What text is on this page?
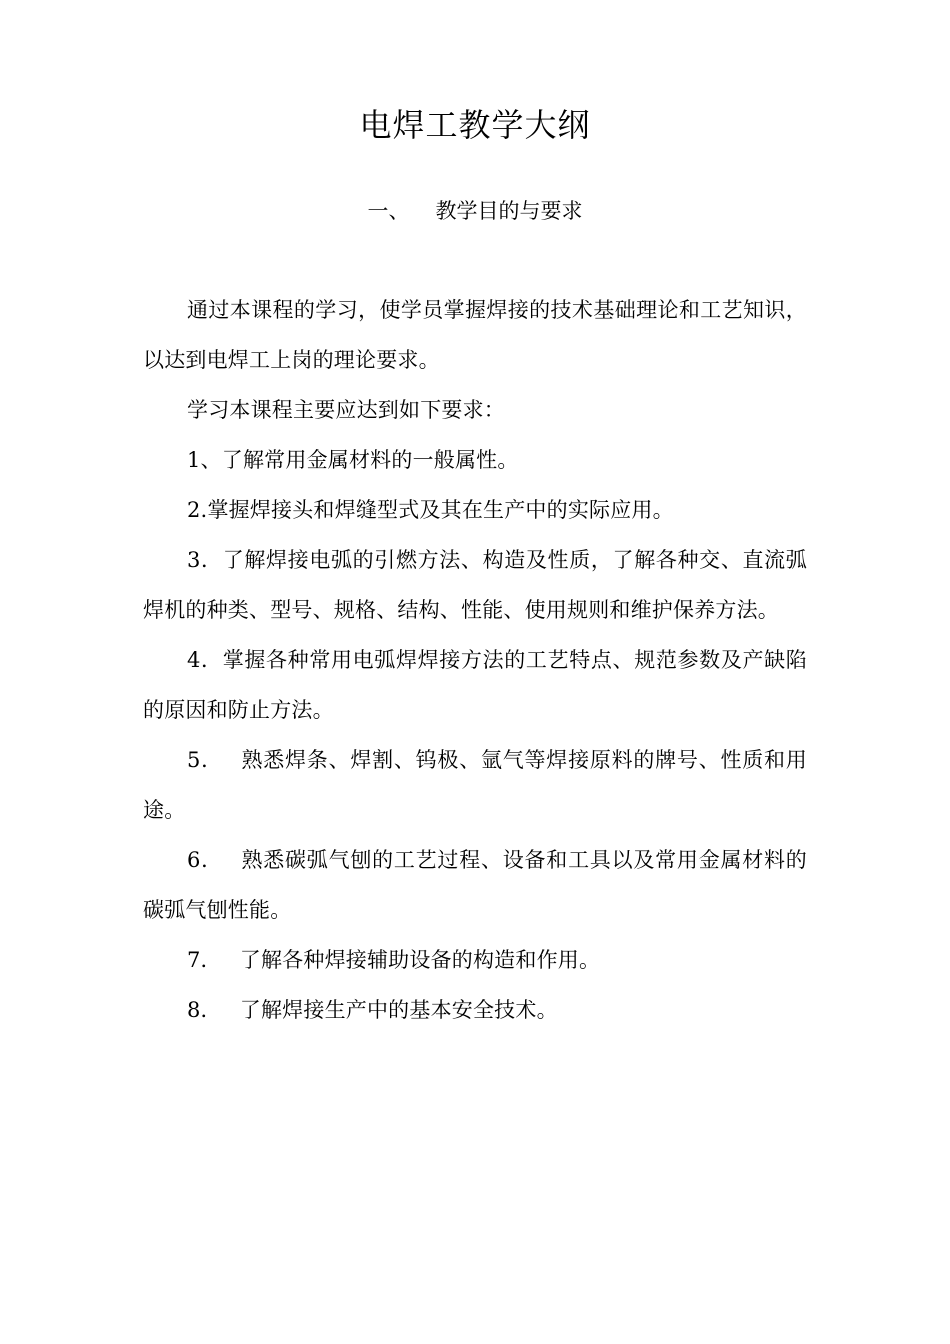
电焊工教学大纲
一、 教学目的与要求

通过本课程的学习，使学员掌握焊接的技术基础理论和工艺知识，以达到电焊工上岗的理论要求。

学习本课程主要应达到如下要求：

1、了解常用金属材料的一般属性。

2.掌握焊接头和焊缝型式及其在生产中的实际应用。

3．了解焊接电弧的引燃方法、构造及性质，了解各种交、直流弧焊机的种类、型号、规格、结构、性能、使用规则和维护保养方法。

4．掌握各种常用电弧焊焊接方法的工艺特点、规范参数及产缺陷的原因和防止方法。

5． 熟悉焊条、焊割、钨极、氩气等焊接原料的牌号、性质和用途。

6． 熟悉碳弧气刨的工艺过程、设备和工具以及常用金属材料的碳弧气刨性能。

7． 了解各种焊接辅助设备的构造和作用。

8． 了解焊接生产中的基本安全技术。
